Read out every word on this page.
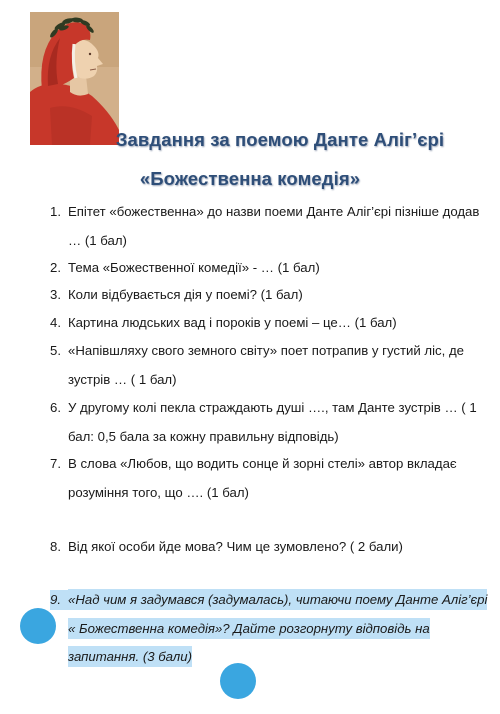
Завдання за поемою Данте Аліг’єрі
«Божественна комедія»
1. Епітет «божественна» до назви поеми Данте Аліг’єрі пізніше додав … (1 бал)
2. Тема «Божественної комедії» - … (1 бал)
3. Коли відбувається дія у поемі? (1 бал)
4. Картина людських вад і пороків у поемі – це… (1 бал)
5. «Напівшляху свого земного світу» поет потрапив у густий ліс, де зустрів … ( 1 бал)
6. У другому колі пекла страждають душі …., там Данте зустрів … ( 1 бал: 0,5 бала за кожну правильну відповідь)
7. В слова «Любов, що водить сонце й зорні стелі» автор вкладає розуміння того, що …. (1 бал)
8. Від якої особи йде мова? Чим це зумовлено? ( 2 бали)
9. «Над чим я задумався (задумалась), читаючи поему Данте Аліг’єрі « Божественна комедія»? Дайте розгорнуту відповідь на запитання. (3 бали)
